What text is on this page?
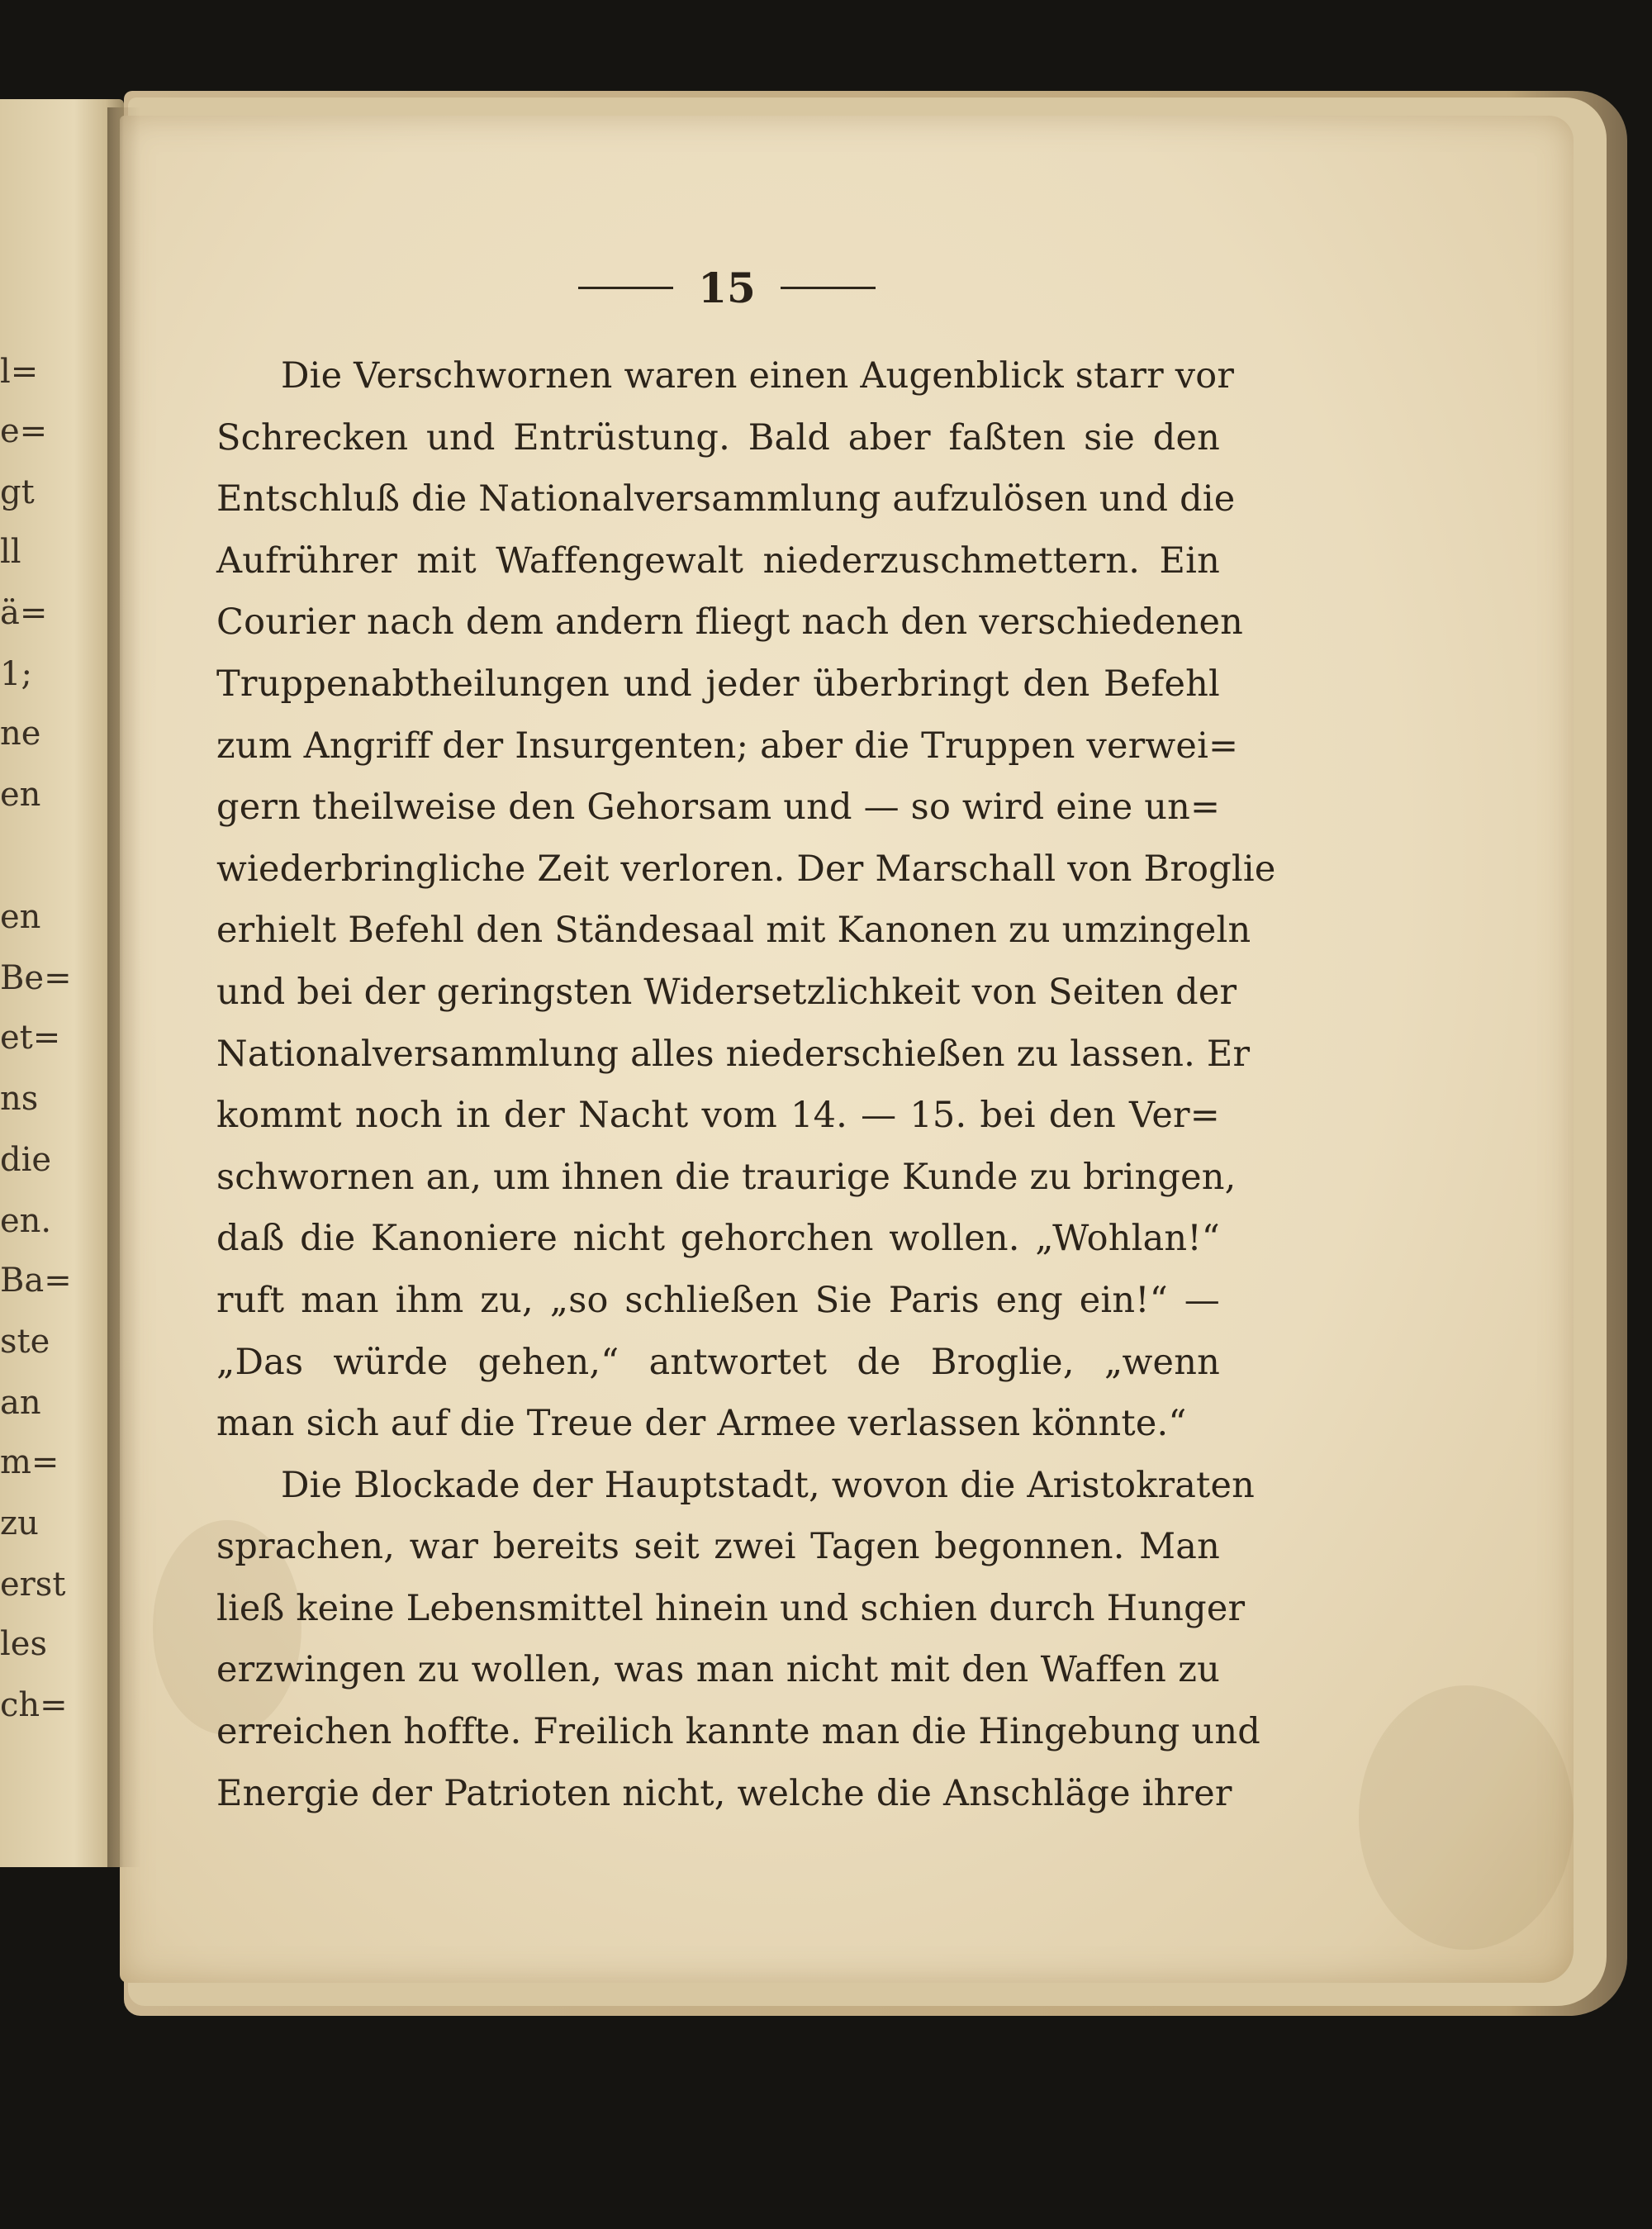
l=
e=
gt
ll
ä=
1;
ne
en
en
Be=
et=
ns
die
en.
Ba=
ste
an
m=
zu
erst
les
ch=
15
Die Verschwornen waren einen Augenblick starr vor
Schrecken und Entrüstung. Bald aber faßten sie den
Entschluß die Nationalversammlung aufzulösen und die
Aufrührer mit Waffengewalt niederzuschmettern. Ein
Courier nach dem andern fliegt nach den verschiedenen
Truppenabtheilungen und jeder überbringt den Befehl
zum Angriff der Insurgenten; aber die Truppen verwei=
gern theilweise den Gehorsam und — so wird eine un=
wiederbringliche Zeit verloren. Der Marschall von Broglie
erhielt Befehl den Ständesaal mit Kanonen zu umzingeln
und bei der geringsten Widersetzlichkeit von Seiten der
Nationalversammlung alles niederschießen zu lassen. Er
kommt noch in der Nacht vom 14. — 15. bei den Ver=
schwornen an, um ihnen die traurige Kunde zu bringen,
daß die Kanoniere nicht gehorchen wollen. „Wohlan!“
ruft man ihm zu, „so schließen Sie Paris eng ein!“ —
„Das würde gehen,“ antwortet de Broglie, „wenn
man sich auf die Treue der Armee verlassen könnte.“
Die Blockade der Hauptstadt, wovon die Aristokraten
sprachen, war bereits seit zwei Tagen begonnen. Man
ließ keine Lebensmittel hinein und schien durch Hunger
erzwingen zu wollen, was man nicht mit den Waffen zu
erreichen hoffte. Freilich kannte man die Hingebung und
Energie der Patrioten nicht, welche die Anschläge ihrer
